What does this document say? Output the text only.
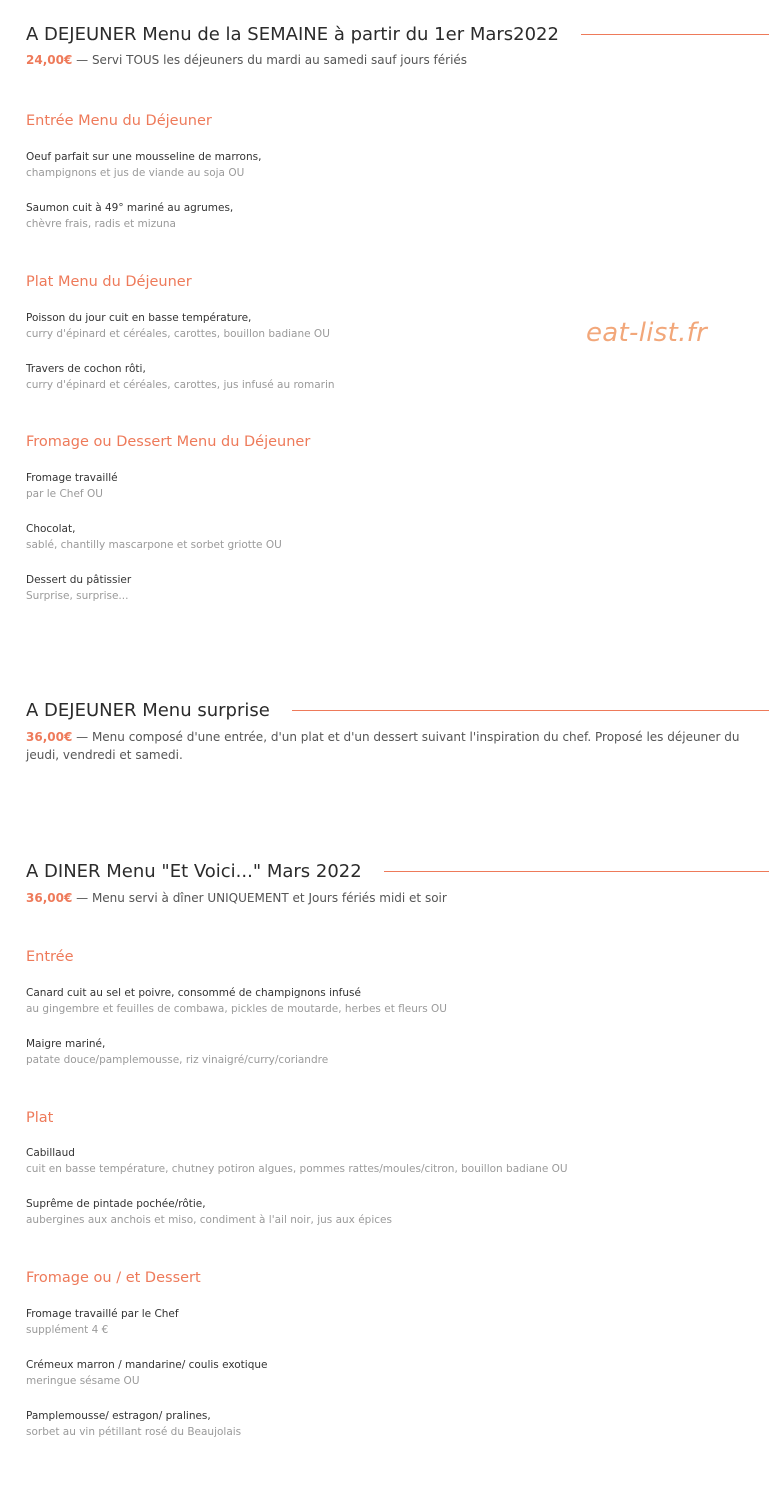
A DEJEUNER Menu de la SEMAINE à partir du 1er Mars2022
24,00€ — Servi TOUS les déjeuners du mardi au samedi sauf jours fériés
Entrée Menu du Déjeuner
Oeuf parfait sur une mousseline de marrons,
champignons et jus de viande au soja OU
Saumon cuit à 49° mariné au agrumes,
chèvre frais, radis et mizuna
Plat Menu du Déjeuner
Poisson du jour cuit en basse température,
curry d'épinard et céréales, carottes, bouillon badiane OU
Travers de cochon rôti,
curry d'épinard et céréales, carottes, jus infusé au romarin
Fromage ou Dessert Menu du Déjeuner
Fromage travaillé
par le Chef OU
Chocolat,
sablé, chantilly mascarpone et sorbet griotte OU
Dessert du pâtissier
Surprise, surprise...
A DEJEUNER Menu surprise
36,00€ — Menu composé d'une entrée, d'un plat et d'un dessert suivant l'inspiration du chef. Proposé les déjeuner du jeudi, vendredi et samedi.
A DINER Menu "Et Voici..." Mars 2022
36,00€ — Menu servi à dîner UNIQUEMENT et Jours fériés midi et soir
Entrée
Canard cuit au sel et poivre, consommé de champignons infusé
au gingembre et feuilles de combawa, pickles de moutarde, herbes et fleurs OU
Maigre mariné,
patate douce/pamplemousse, riz vinaigré/curry/coriandre
Plat
Cabillaud
cuit en basse température, chutney potiron algues, pommes rattes/moules/citron, bouillon badiane OU
Suprême de pintade pochée/rôtie,
aubergines aux anchois et miso, condiment à l'ail noir, jus aux épices
Fromage ou / et Dessert
Fromage travaillé par le Chef
supplément 4 €
Crémeux marron / mandarine/ coulis exotique
meringue sésame OU
Pamplemousse/ estragon/ pralines,
sorbet au vin pétillant rosé du Beaujolais
eat-list.fr
